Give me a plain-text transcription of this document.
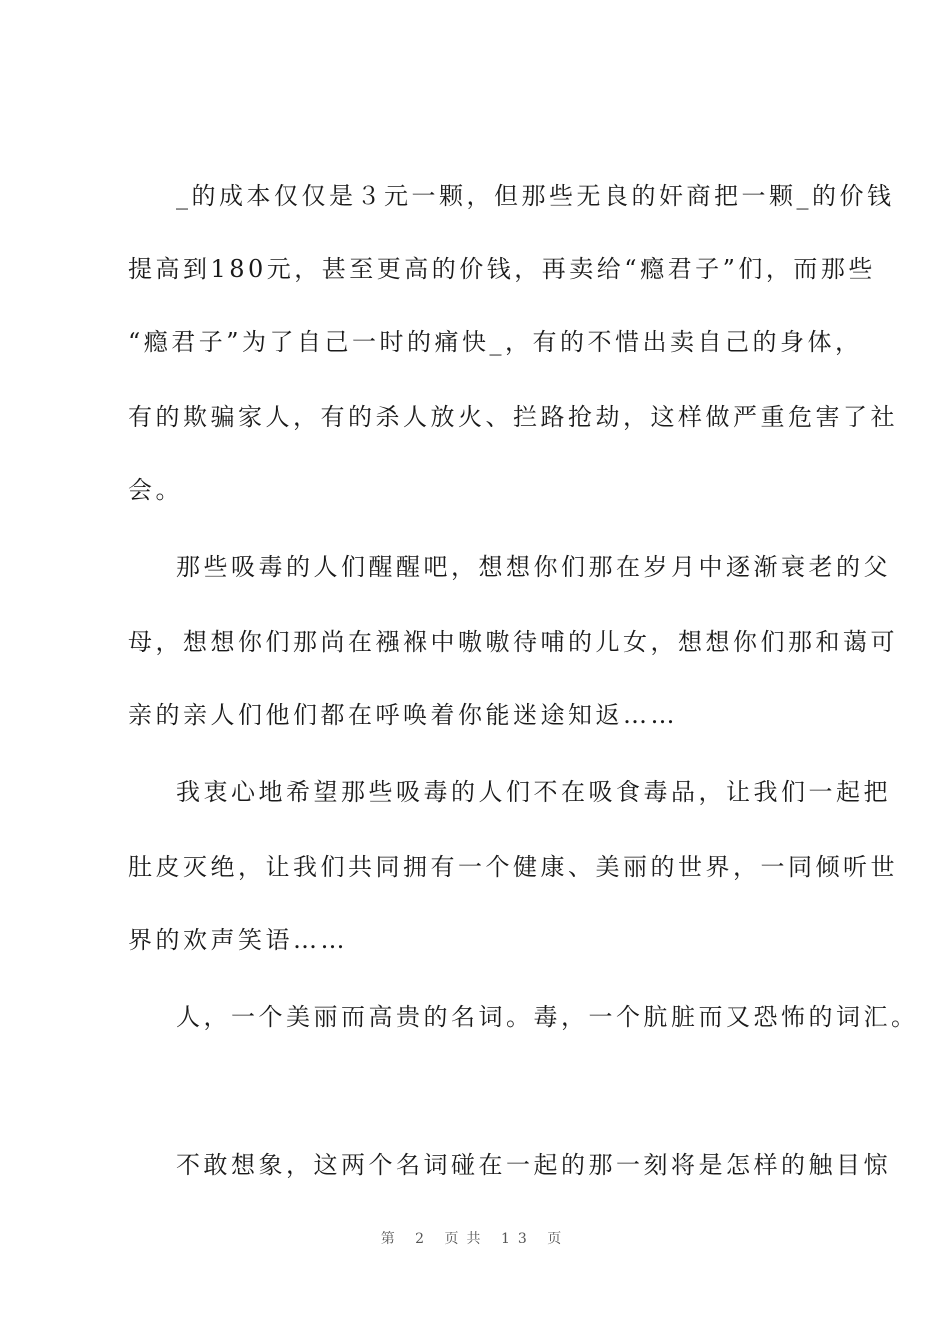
_的成本仅仅是３元一颗，但那些无良的奸商把一颗_的价钱
提高到180元，甚至更高的价钱，再卖给“瘾君子”们，而那些
“瘾君子”为了自己一时的痛快_，有的不惜出卖自己的身体，
有的欺骗家人，有的杀人放火、拦路抢劫，这样做严重危害了社
会。
那些吸毒的人们醒醒吧，想想你们那在岁月中逐渐衰老的父
母，想想你们那尚在襁褓中嗷嗷待哺的儿女，想想你们那和蔼可
亲的亲人们他们都在呼唤着你能迷途知返……
我衷心地希望那些吸毒的人们不在吸食毒品，让我们一起把
肚皮灭绝，让我们共同拥有一个健康、美丽的世界，一同倾听世
界的欢声笑语……
人，一个美丽而高贵的名词。毒，一个肮脏而又恐怖的词汇。
不敢想象，这两个名词碰在一起的那一刻将是怎样的触目惊
第 2 页共 13 页
